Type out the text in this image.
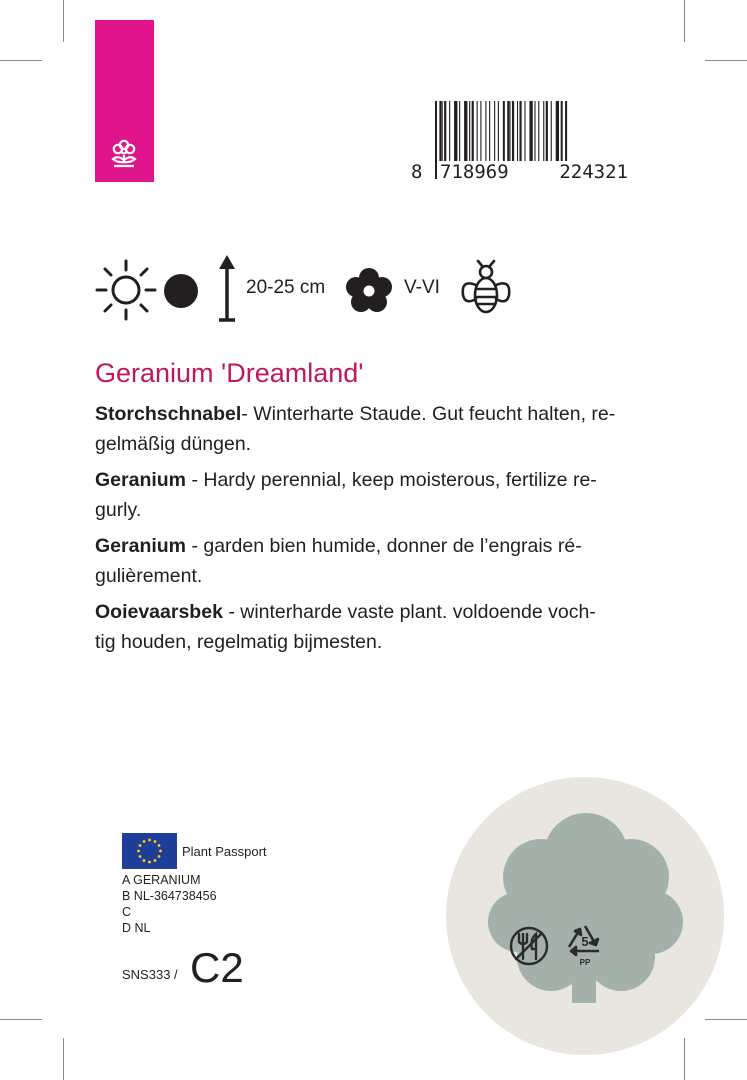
8 718969	224321
20-25 cm	V-VI
Geranium 'Dreamland'

Storchschnabel- Winterharte Staude. Gut feucht halten, re-
gelmäßig düngen.

Geranium - Hardy perennial, keep moisterous, fertilize re-
gurly.

Geranium - garden bien humide, donner de l’engrais ré-
gulièrement.

Ooievaarsbek - winterharde vaste plant. voldoende voch-
tig houden, regelmatig bijmesten.

Plant Passport
A GERANIUM
B NL-364738456
C
D NL
SNS333 / C2
5
PP
